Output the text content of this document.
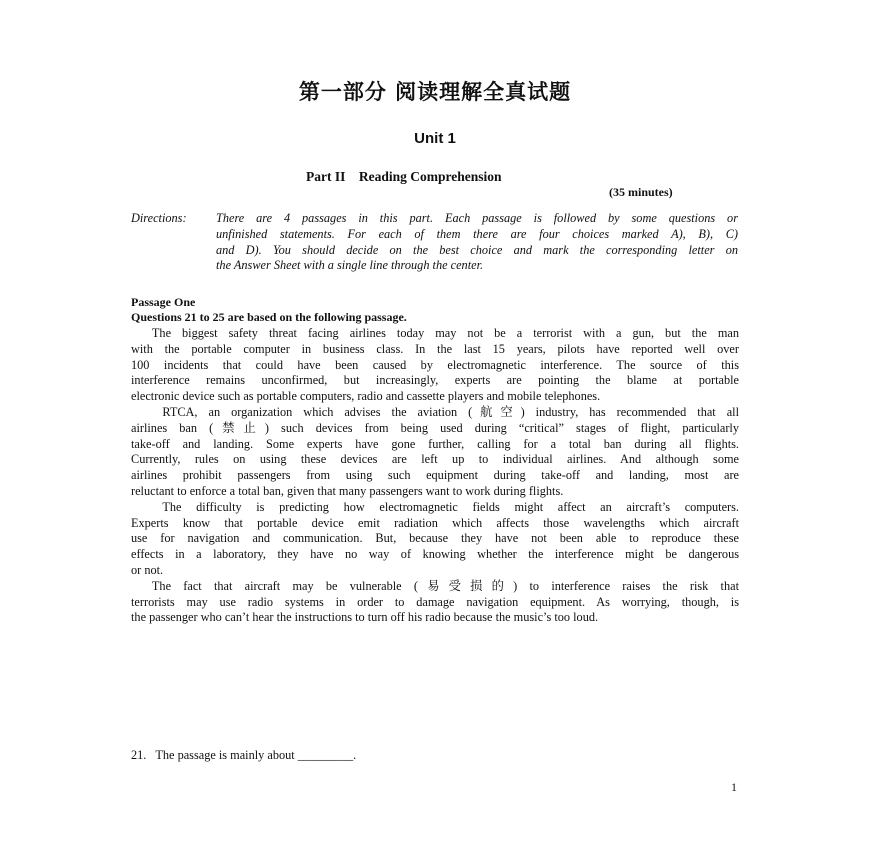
第一部分 阅读理解全真试题
Unit 1
Part II    Reading Comprehension
(35 minutes)
Directions: There are 4 passages in this part. Each passage is followed by some questions or
unfinished statements. For each of them there are four choices marked A), B), C)
and D). You should decide on the best choice and mark the corresponding letter on
the Answer Sheet with a single line through the center.
Passage One
Questions 21 to 25 are based on the following passage.
The biggest safety threat facing airlines today may not be a terrorist with a gun, but the man
with the portable computer in business class. In the last 15 years, pilots have reported well over
100 incidents that could have been caused by electromagnetic interference. The source of this
interference remains unconfirmed, but increasingly, experts are pointing the blame at portable
electronic device such as portable computers, radio and cassette players and mobile telephones.
RTCA, an organization which advises the aviation (航空) industry, has recommended that all
airlines ban (禁止) such devices from being used during “critical” stages of flight, particularly
take-off and landing. Some experts have gone further, calling for a total ban during all flights.
Currently, rules on using these devices are left up to individual airlines. And although some
airlines prohibit passengers from using such equipment during take-off and landing, most are
reluctant to enforce a total ban, given that many passengers want to work during flights.
The difficulty is predicting how electromagnetic fields might affect an aircraft’s computers.
Experts know that portable device emit radiation which affects those wavelengths which aircraft
use for navigation and communication. But, because they have not been able to reproduce these
effects in a laboratory, they have no way of knowing whether the interference might be dangerous
or not.
The fact that aircraft may be vulnerable (易受损的) to interference raises the risk that
terrorists may use radio systems in order to damage navigation equipment. As worrying, though, is
the passenger who can’t hear the instructions to turn off his radio because the music’s too loud.
21.   The passage is mainly about _________.
1
